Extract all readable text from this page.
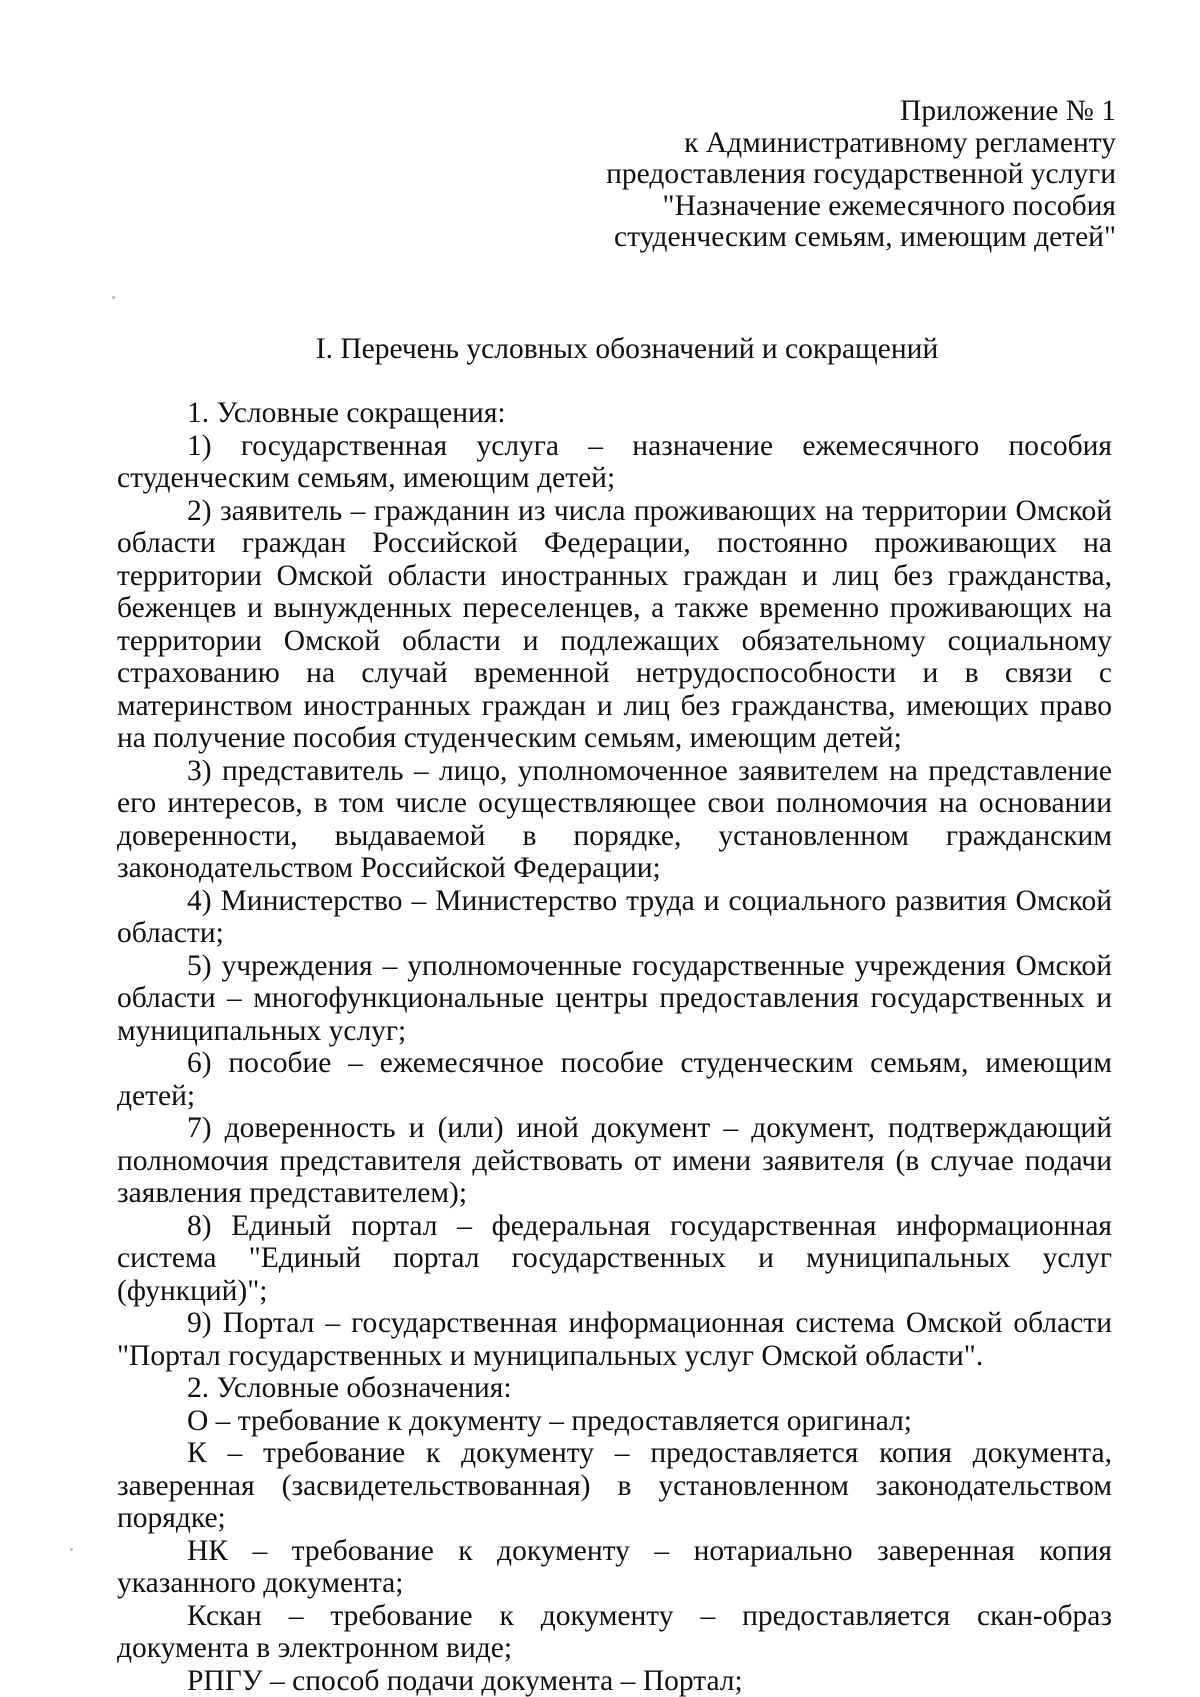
Приложение № 1
к Административному регламенту
предоставления государственной услуги
"Назначение ежемесячного пособия
студенческим семьям, имеющим детей"
I. Перечень условных обозначений и сокращений

1. Условные сокращения:

1) государственная услуга – назначение ежемесячного пособия студенческим семьям, имеющим детей;

2) заявитель – гражданин из числа проживающих на территории Омской области граждан Российской Федерации, постоянно проживающих на территории Омской области иностранных граждан и лиц без гражданства, беженцев и вынужденных переселенцев, а также временно проживающих на территории Омской области и подлежащих обязательному социальному страхованию на случай временной нетрудоспособности и в связи с материнством иностранных граждан и лиц без гражданства, имеющих право на получение пособия студенческим семьям, имеющим детей;

3) представитель – лицо, уполномоченное заявителем на представление его интересов, в том числе осуществляющее свои полномочия на основании доверенности, выдаваемой в порядке, установленном гражданским законодательством Российской Федерации;

4) Министерство – Министерство труда и социального развития Омской области;

5) учреждения – уполномоченные государственные учреждения Омской области – многофункциональные центры предоставления государственных и муниципальных услуг;

6) пособие – ежемесячное пособие студенческим семьям, имеющим детей;

7) доверенность и (или) иной документ – документ, подтверждающий полномочия представителя действовать от имени заявителя (в случае подачи заявления представителем);

8) Единый портал – федеральная государственная информационная система "Единый портал государственных и муниципальных услуг (функций)";

9) Портал – государственная информационная система Омской области "Портал государственных и муниципальных услуг Омской области".

2. Условные обозначения:

О – требование к документу – предоставляется оригинал;

К – требование к документу – предоставляется копия документа, заверенная (засвидетельствованная) в установленном законодательством порядке;

НК – требование к документу – нотариально заверенная копия указанного документа;

Кскан – требование к документу – предоставляется скан-образ документа в электронном виде;

РПГУ – способ подачи документа – Портал;
